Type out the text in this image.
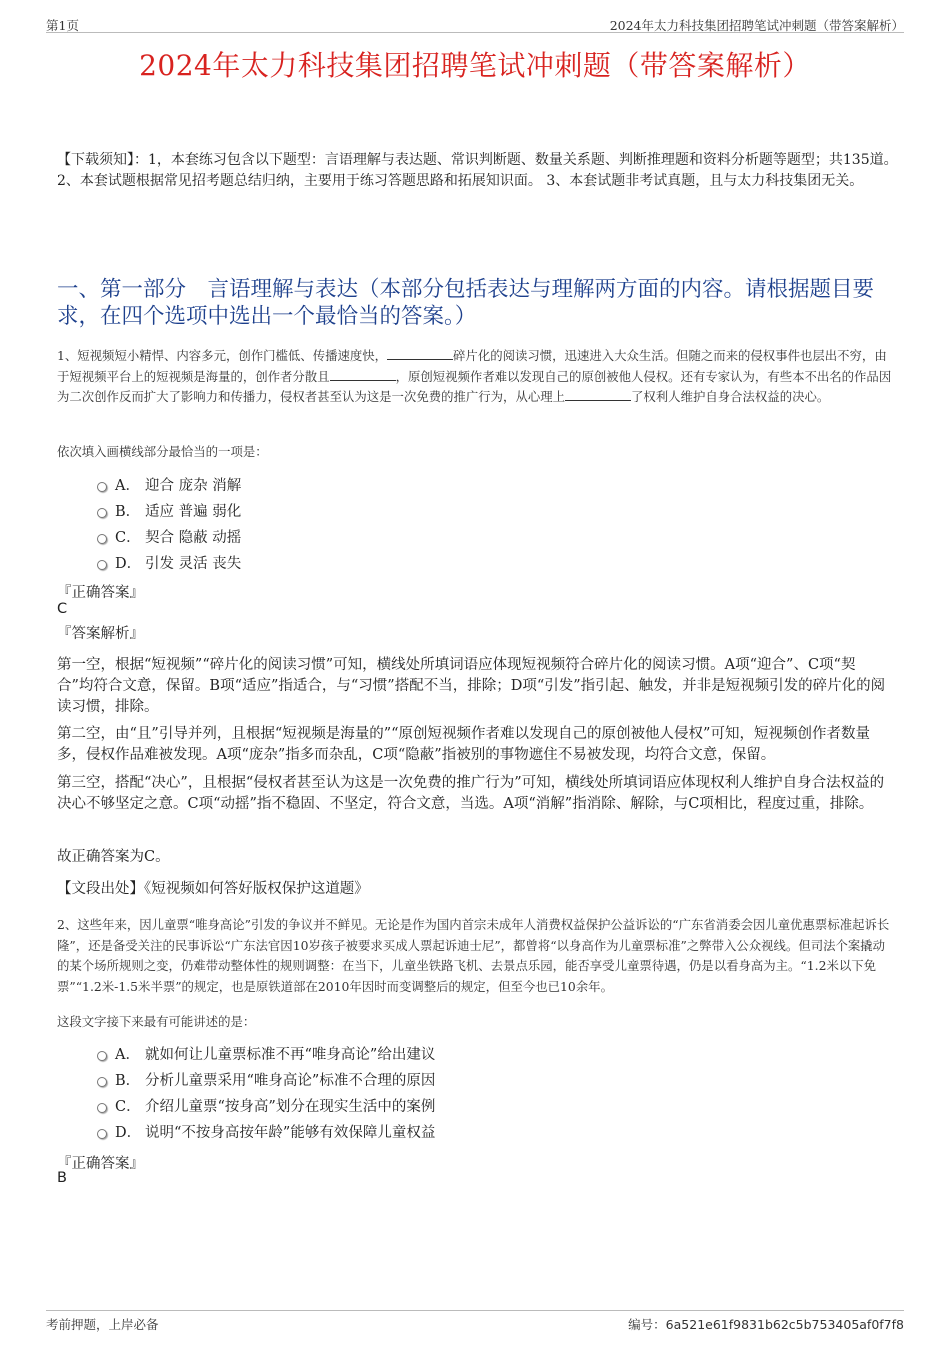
第1页	2024年太力科技集团招聘笔试冲刺题（带答案解析）
2024年太力科技集团招聘笔试冲刺题（带答案解析）
【下载须知】：1，本套练习包含以下题型：言语理解与表达题、常识判断题、数量关系题、判断推理题和资料分析题等题型；共135道。 2、本套试题根据常见招考题总结归纳，主要用于练习答题思路和拓展知识面。 3、本套试题非考试真题，且与太力科技集团无关。
一、第一部分　言语理解与表达（本部分包括表达与理解两方面的内容。请根据题目要求，在四个选项中选出一个最恰当的答案。）
1、短视频短小精悍、内容多元，创作门槛低、传播速度快，	碎片化的阅读习惯，迅速进入大众生活。但随之而来的侵权事件也层出不穷，由于短视频平台上的短视频是海量的，创作者分散且	，原创短视频作者难以发现自己的原创被他人侵权。还有专家认为，有些本不出名的作品因为二次创作反而扩大了影响力和传播力，侵权者甚至认为这是一次免费的推广行为，从心理上	了权利人维护自身合法权益的决心。
依次填入画横线部分最恰当的一项是：
A． 迎合 庞杂 消解
B． 适应 普遍 弱化
C． 契合 隐蔽 动摇
D． 引发 灵活 丧失
『正确答案』
C
『答案解析』
第一空，根据“短视频”“碎片化的阅读习惯”可知，横线处所填词语应体现短视频符合碎片化的阅读习惯。A项“迎合”、C项“契合”均符合文意，保留。B项“适应”指适合，与“习惯”搭配不当，排除；D项“引发”指引起、触发，并非是短视频引发的碎片化的阅读习惯，排除。
第二空，由“且”引导并列，且根据“短视频是海量的”“原创短视频作者难以发现自己的原创被他人侵权”可知，短视频创作者数量多，侵权作品难被发现。A项“庞杂”指多而杂乱，C项“隐蔽”指被别的事物遮住不易被发现，均符合文意，保留。
第三空，搭配“决心”，且根据“侵权者甚至认为这是一次免费的推广行为”可知，横线处所填词语应体现权利人维护自身合法权益的决心不够坚定之意。C项“动摇”指不稳固、不坚定，符合文意，当选。A项“消解”指消除、解除，与C项相比，程度过重，排除。
故正确答案为C。
【文段出处】《短视频如何答好版权保护这道题》
2、这些年来，因儿童票“唯身高论”引发的争议并不鲜见。无论是作为国内首宗未成年人消费权益保护公益诉讼的“广东省消委会因儿童优惠票标准起诉长隆”，还是备受关注的民事诉讼“广东法官因10岁孩子被要求买成人票起诉迪士尼”，都曾将“以身高作为儿童票标准”之弊带入公众视线。但司法个案撬动的某个场所规则之变，仍难带动整体性的规则调整：在当下，儿童坐铁路飞机、去景点乐园，能否享受儿童票待遇，仍是以看身高为主。“1.2米以下免票”“1.2米-1.5米半票”的规定，也是原铁道部在2010年因时而变调整后的规定，但至今也已10余年。
这段文字接下来最有可能讲述的是：
A． 就如何让儿童票标准不再“唯身高论”给出建议
B． 分析儿童票采用“唯身高论”标准不合理的原因
C． 介绍儿童票“按身高”划分在现实生活中的案例
D． 说明“不按身高按年龄”能够有效保障儿童权益
『正确答案』
B
考前押题，上岸必备	编号：6a521e61f9831b62c5b753405af0f7f8
